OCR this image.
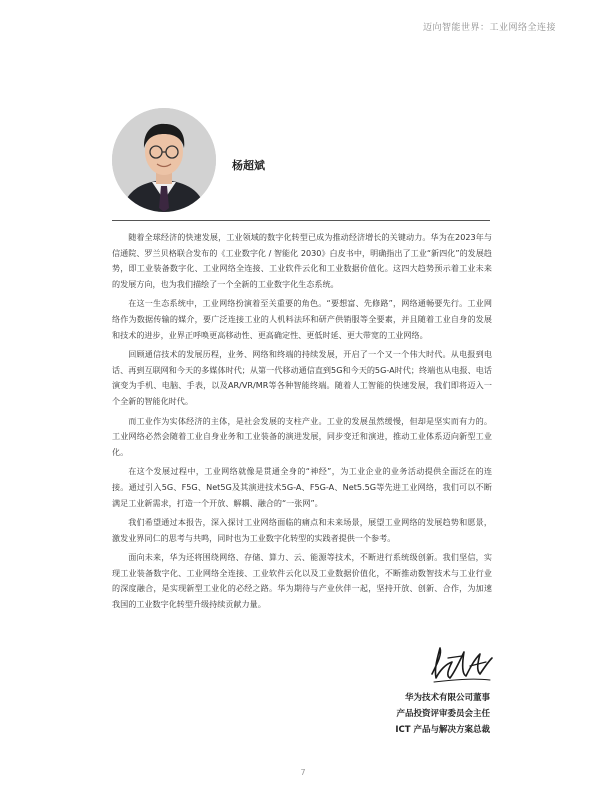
迈向智能世界：工业网络全连接
杨超斌

随着全球经济的快速发展，工业领域的数字化转型已成为推动经济增长的关键动力。华为在2023年与信通院、罗兰贝格联合发布的《工业数字化 / 智能化 2030》白皮书中，明确指出了工业“新四化”的发展趋势，即工业装备数字化、工业网络全连接、工业软件云化和工业数据价值化。这四大趋势预示着工业未来的发展方向，也为我们描绘了一个全新的工业数字化生态系统。

在这一生态系统中，工业网络扮演着至关重要的角色。“要想富、先修路”，网络通畅要先行。工业网络作为数据传输的媒介，要广泛连接工业的人机料法环和研产供销服等全要素，并且随着工业自身的发展和技术的进步，业界正呼唤更高移动性、更高确定性、更低时延、更大带宽的工业网络。

回顾通信技术的发展历程，业务、网络和终端的持续发展，开启了一个又一个伟大时代。从电报到电话、再到互联网和今天的多媒体时代；从第一代移动通信直到5G和今天的5G-A时代；终端也从电报、电话演变为手机、电脑、手表，以及AR/VR/MR等各种智能终端。随着人工智能的快速发展，我们即将迈入一个全新的智能化时代。

而工业作为实体经济的主体，是社会发展的支柱产业。工业的发展虽然缓慢，但却是坚实而有力的。工业网络必然会随着工业自身业务和工业装备的演进发展，同步变迁和演进，推动工业体系迈向新型工业化。

在这个发展过程中，工业网络就像是贯通全身的“神经”，为工业企业的业务活动提供全面泛在的连接。通过引入5G、F5G、Net5G及其演进技术5G-A、F5G-A、Net5.5G等先进工业网络，我们可以不断满足工业新需求，打造一个开放、解耦、融合的“一张网”。

我们希望通过本报告，深入探讨工业网络面临的痛点和未来场景，展望工业网络的发展趋势和愿景，激发业界同仁的思考与共鸣，同时也为工业数字化转型的实践者提供一个参考。

面向未来，华为还将围绕网络、存储、算力、云、能源等技术，不断进行系统级创新。我们坚信，实现工业装备数字化、工业网络全连接、工业软件云化以及工业数据价值化，不断推动数智技术与工业行业的深度融合，是实现新型工业化的必经之路。华为期待与产业伙伴一起，坚持开放、创新、合作，为加速我国的工业数字化转型升级持续贡献力量。

华为技术有限公司董事
产品投资评审委员会主任
ICT 产品与解决方案总裁
7
